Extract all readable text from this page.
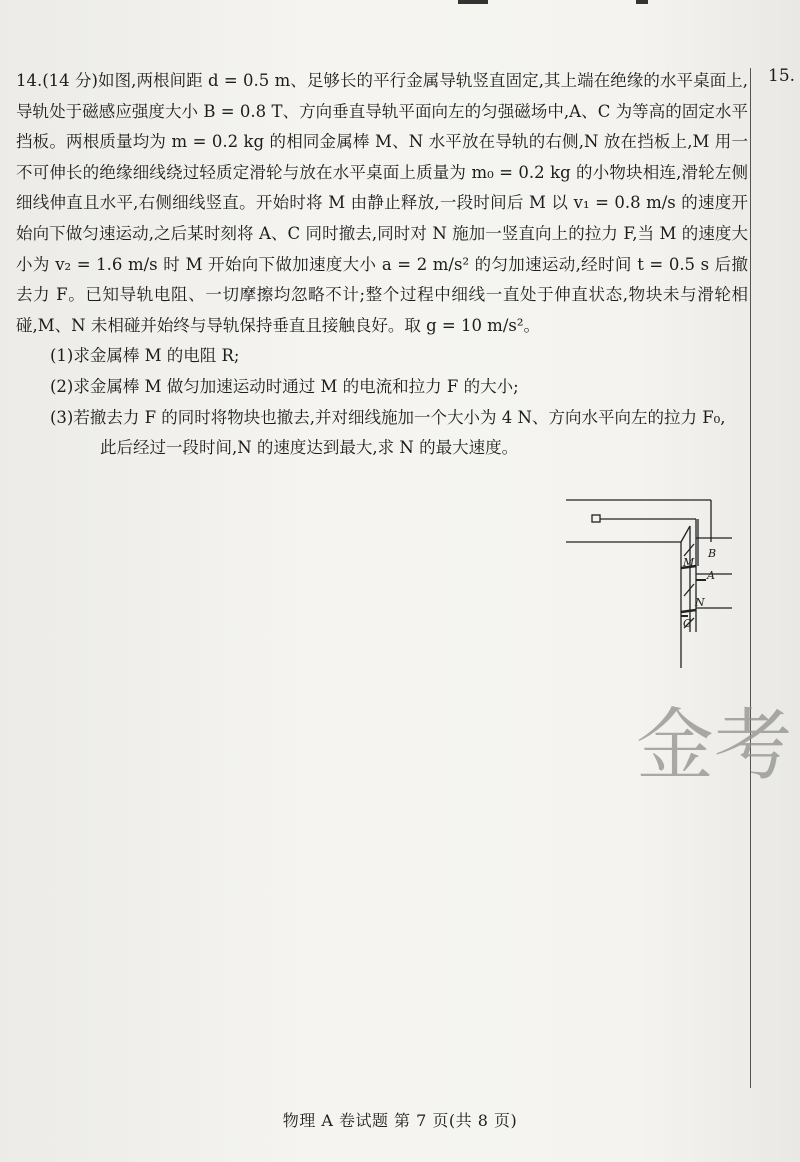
15.

14.(14 分)如图,两根间距 d = 0.5 m、足够长的平行金属导轨竖直固定,其上端在绝缘的水平桌面上,导轨处于磁感应强度大小 B = 0.8 T、方向垂直导轨平面向左的匀强磁场中,A、C 为等高的固定水平挡板。两根质量均为 m = 0.2 kg 的相同金属棒 M、N 水平放在导轨的右侧,N 放在挡板上,M 用一不可伸长的绝缘细线绕过轻质定滑轮与放在水平桌面上质量为 m₀ = 0.2 kg 的小物块相连,滑轮左侧细线伸直且水平,右侧细线竖直。开始时将 M 由静止释放,一段时间后 M 以 v₁ = 0.8 m/s 的速度开始向下做匀速运动,之后某时刻将 A、C 同时撤去,同时对 N 施加一竖直向上的拉力 F,当 M 的速度大小为 v₂ = 1.6 m/s 时 M 开始向下做加速度大小 a = 2 m/s² 的匀加速运动,经时间 t = 0.5 s 后撤去力 F。已知导轨电阻、一切摩擦均忽略不计;整个过程中细线一直处于伸直状态,物块未与滑轮相碰,M、N 未相碰并始终与导轨保持垂直且接触良好。取 g = 10 m/s²。

(1)求金属棒 M 的电阻 R;
(2)求金属棒 M 做匀加速运动时通过 M 的电流和拉力 F 的大小;
(3)若撤去力 F 的同时将物块也撤去,并对细线施加一个大小为 4 N、方向水平向左的拉力 F₀,
此后经过一段时间,N 的速度达到最大,求 N 的最大速度。
B
M
A
N
C
金考
物理 A 卷试题 第 7 页(共 8 页)
